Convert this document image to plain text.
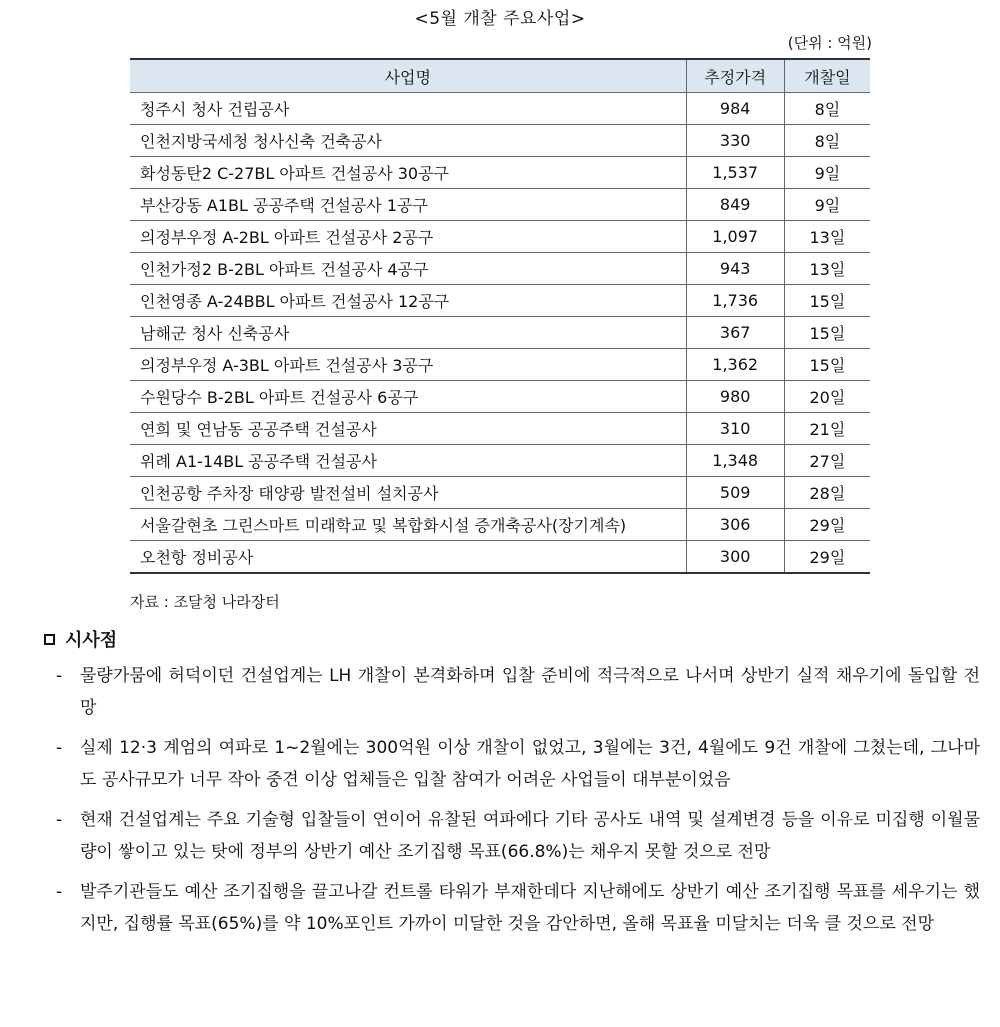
<5월 개찰 주요사업>
(단위 : 억원)
사업명	추정가격	개찰일
청주시 청사 건립공사	984	8일
인천지방국세청 청사신축 건축공사	330	8일
화성동탄2 C-27BL 아파트 건설공사 30공구	1,537	9일
부산강동 A1BL 공공주택 건설공사 1공구	849	9일
의정부우정 A-2BL 아파트 건설공사 2공구	1,097	13일
인천가정2 B-2BL 아파트 건설공사 4공구	943	13일
인천영종 A-24BBL 아파트 건설공사 12공구	1,736	15일
남해군 청사 신축공사	367	15일
의정부우정 A-3BL 아파트 건설공사 3공구	1,362	15일
수원당수 B-2BL 아파트 건설공사 6공구	980	20일
연희 및 연남동 공공주택 건설공사	310	21일
위례 A1-14BL 공공주택 건설공사	1,348	27일
인천공항 주차장 태양광 발전설비 설치공사	509	28일
서울갈현초 그린스마트 미래학교 및 복합화시설 증개축공사(장기계속)	306	29일
오천항 정비공사	300	29일
자료 : 조달청 나라장터
시사점
- 물량가뭄에 허덕이던 건설업계는 LH 개찰이 본격화하며 입찰 준비에 적극적으로 나서며 상반기 실적 채우기에 돌입할 전망
- 실제 12·3 계엄의 여파로 1~2월에는 300억원 이상 개찰이 없었고, 3월에는 3건, 4월에도 9건 개찰에 그쳤는데, 그나마도 공사규모가 너무 작아 중견 이상 업체들은 입찰 참여가 어려운 사업들이 대부분이었음
- 현재 건설업계는 주요 기술형 입찰들이 연이어 유찰된 여파에다 기타 공사도 내역 및 설계변경 등을 이유로 미집행 이월물량이 쌓이고 있는 탓에 정부의 상반기 예산 조기집행 목표(66.8%)는 채우지 못할 것으로 전망
- 발주기관들도 예산 조기집행을 끌고나갈 컨트롤 타워가 부재한데다 지난해에도 상반기 예산 조기집행 목표를 세우기는 했지만, 집행률 목표(65%)를 약 10%포인트 가까이 미달한 것을 감안하면, 올해 목표율 미달치는 더욱 클 것으로 전망
